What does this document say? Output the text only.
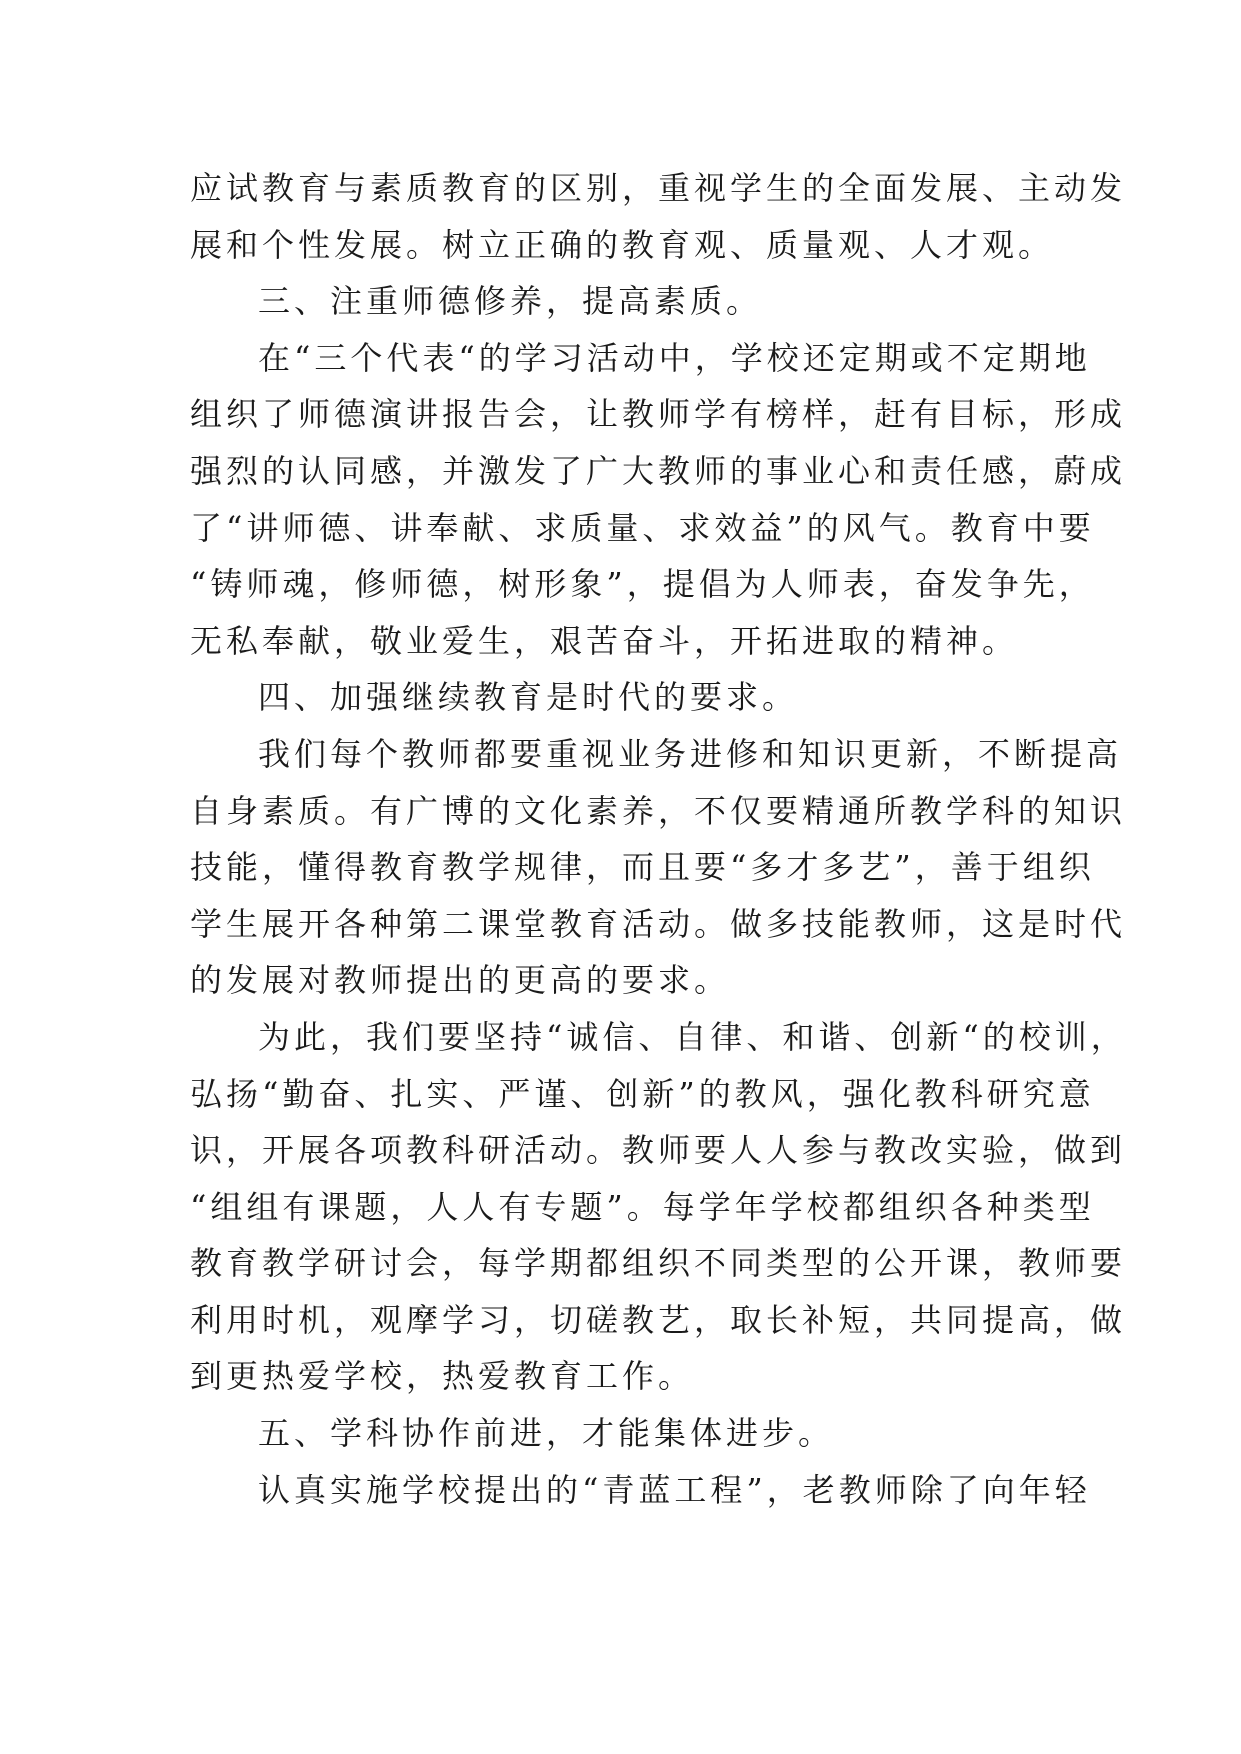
应试教育与素质教育的区别，重视学生的全面发展、主动发
展和个性发展。树立正确的教育观、质量观、人才观。
三、注重师德修养，提高素质。
在“三个代表“的学习活动中，学校还定期或不定期地
组织了师德演讲报告会，让教师学有榜样，赶有目标，形成
强烈的认同感，并激发了广大教师的事业心和责任感，蔚成
了“讲师德、讲奉献、求质量、求效益”的风气。教育中要
“铸师魂，修师德，树形象”，提倡为人师表，奋发争先，
无私奉献，敬业爱生，艰苦奋斗，开拓进取的精神。
四、加强继续教育是时代的要求。
我们每个教师都要重视业务进修和知识更新，不断提高
自身素质。有广博的文化素养，不仅要精通所教学科的知识
技能，懂得教育教学规律，而且要“多才多艺”，善于组织
学生展开各种第二课堂教育活动。做多技能教师，这是时代
的发展对教师提出的更高的要求。
为此，我们要坚持“诚信、自律、和谐、创新“的校训，
弘扬“勤奋、扎实、严谨、创新”的教风，强化教科研究意
识，开展各项教科研活动。教师要人人参与教改实验，做到
“组组有课题，人人有专题”。每学年学校都组织各种类型
教育教学研讨会，每学期都组织不同类型的公开课，教师要
利用时机，观摩学习，切磋教艺，取长补短，共同提高，做
到更热爱学校，热爱教育工作。
五、学科协作前进，才能集体进步。
认真实施学校提出的“青蓝工程”，老教师除了向年轻
